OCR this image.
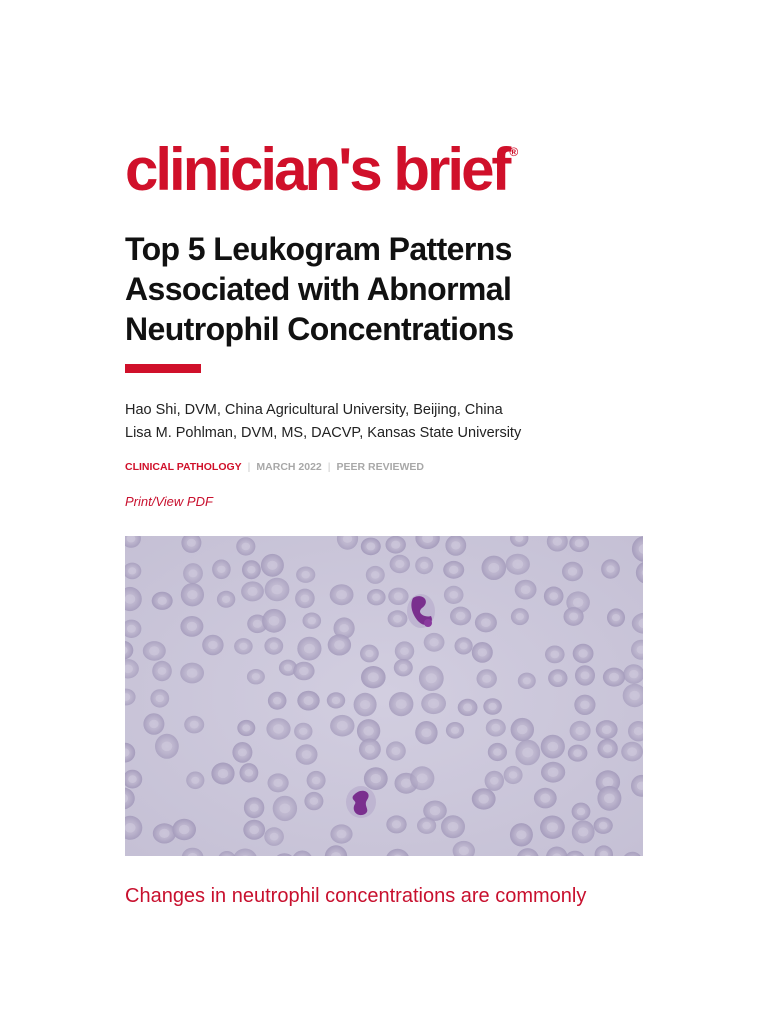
clinician's brief®
Top 5 Leukogram Patterns
Associated with Abnormal
Neutrophil Concentrations
Hao Shi, DVM, China Agricultural University, Beijing, China
Lisa M. Pohlman, DVM, MS, DACVP, Kansas State University
CLINICAL PATHOLOGY | MARCH 2022 | PEER REVIEWED
Print/View PDF

Changes in neutrophil concentrations are commonly
